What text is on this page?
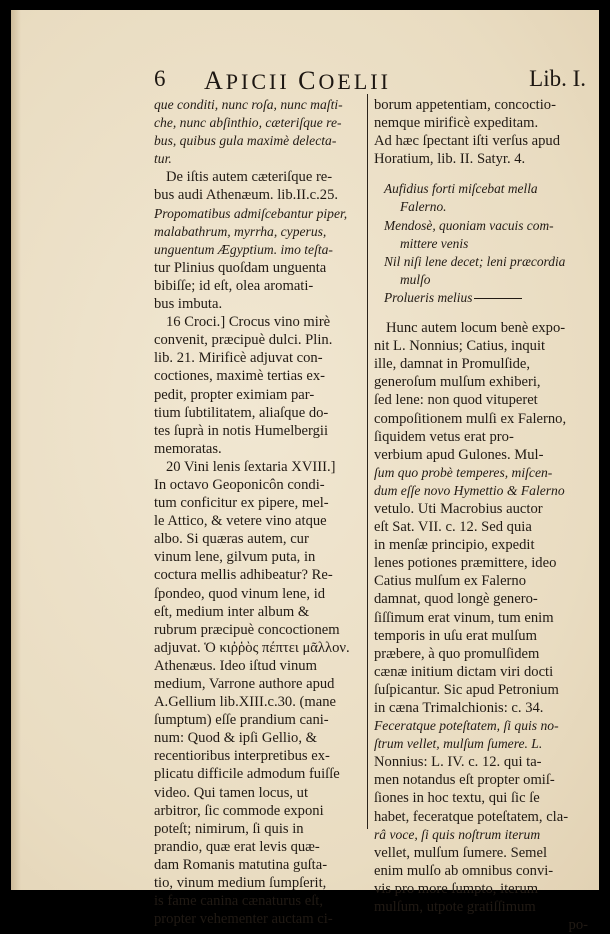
6 APICII COELII	Lib. I.
que conditi, nunc roſa, nunc maſti-
che, nunc abſinthio, cæteriſque re-
bus, quibus gula maximè delecta-
tur.
De iſtis autem cæteriſque re-
bus audi Athenæum. lib.II.c.25.
Propomatibus admiſcebantur piper,
malabathrum, myrrha, cyperus,
unguentum Ægyptium. imo teſta-
tur Plinius quoſdam unguenta
bibiſſe; id eſt, olea aromati-
bus imbuta.
16 Croci.] Crocus vino mirè
convenit, præcipuè dulci. Plin.
lib. 21. Mirificè adjuvat con-
coctiones, maximè tertias ex-
pedit, propter eximiam par-
tium ſubtilitatem, aliaſque do-
tes ſuprà in notis Humelbergii
memoratas.
20 Vini lenis ſextaria XVIII.]
In octavo Geoponicôn condi-
tum conficitur ex pipere, mel-
le Attico, & vetere vino atque
albo. Si quæras autem, cur
vinum lene, gilvum puta, in
coctura mellis adhibeatur? Re-
ſpondeo, quod vinum lene, id
eſt, medium inter album &
rubrum præcipuè concoctionem
adjuvat. Ὁ κιῤῥὸς πέπτει μᾶλλον.
Athenæus. Ideo iſtud vinum
medium, Varrone authore apud
A.Gellium lib.XIII.c.30. (mane
ſumptum) eſſe prandium cani-
num: Quod & ipſi Gellio, &
recentioribus interpretibus ex-
plicatu difficile admodum fuiſſe
video. Qui tamen locus, ut
arbitror, ſic commode exponi
poteſt; nimirum, ſi quis in
prandio, quæ erat levis quæ-
dam Romanis matutina guſta-
tio, vinum medium ſumpſerit,
is fame canina cænaturus eſt,
propter vehementer auctam ci-
borum appetentiam, concoctio-
nemque mirificè expeditam.
Ad hæc ſpectant iſti verſus apud
Horatium, lib. II. Satyr. 4.
Aufidius forti miſcebat mella
Falerno.
Mendosè, quoniam vacuis com-
mittere venis
Nil niſi lene decet; leni præcordia
mulſo
Prolueris melius
Hunc autem locum benè expo-
nit L. Nonnius; Catius, inquit
ille, damnat in Promulſide,
generoſum mulſum exhiberi,
ſed lene: non quod vituperet
compoſitionem mulſi ex Falerno,
ſiquidem vetus erat pro-
verbium apud Gulones. Mul-
ſum quo probè temperes, miſcen-
dum eſſe novo Hymettio & Falerno
vetulo. Uti Macrobius auctor
eſt Sat. VII. c. 12. Sed quia
in menſæ principio, expedit
lenes potiones præmittere, ideo
Catius mulſum ex Falerno
damnat, quod longè genero-
ſiſſimum erat vinum, tum enim
temporis in uſu erat mulſum
præbere, à quo promulſidem
cænæ initium dictam viri docti
ſuſpicantur. Sic apud Petronium
in cæna Trimalchionis: c. 34.
Feceratque poteſtatem, ſi quis no-
ſtrum vellet, mulſum ſumere. L.
Nonnius: L. IV. c. 12. qui ta-
men notandus eſt propter omiſ-
ſiones in hoc textu, qui ſic ſe
habet, feceratque poteſtatem, cla-
râ voce, ſi quis noſtrum iterum
vellet, mulſum ſumere. Semel
enim mulſo ab omnibus convi-
vis pro more ſumpto, iterum
mulſum, utpote gratiſſimum
po-
